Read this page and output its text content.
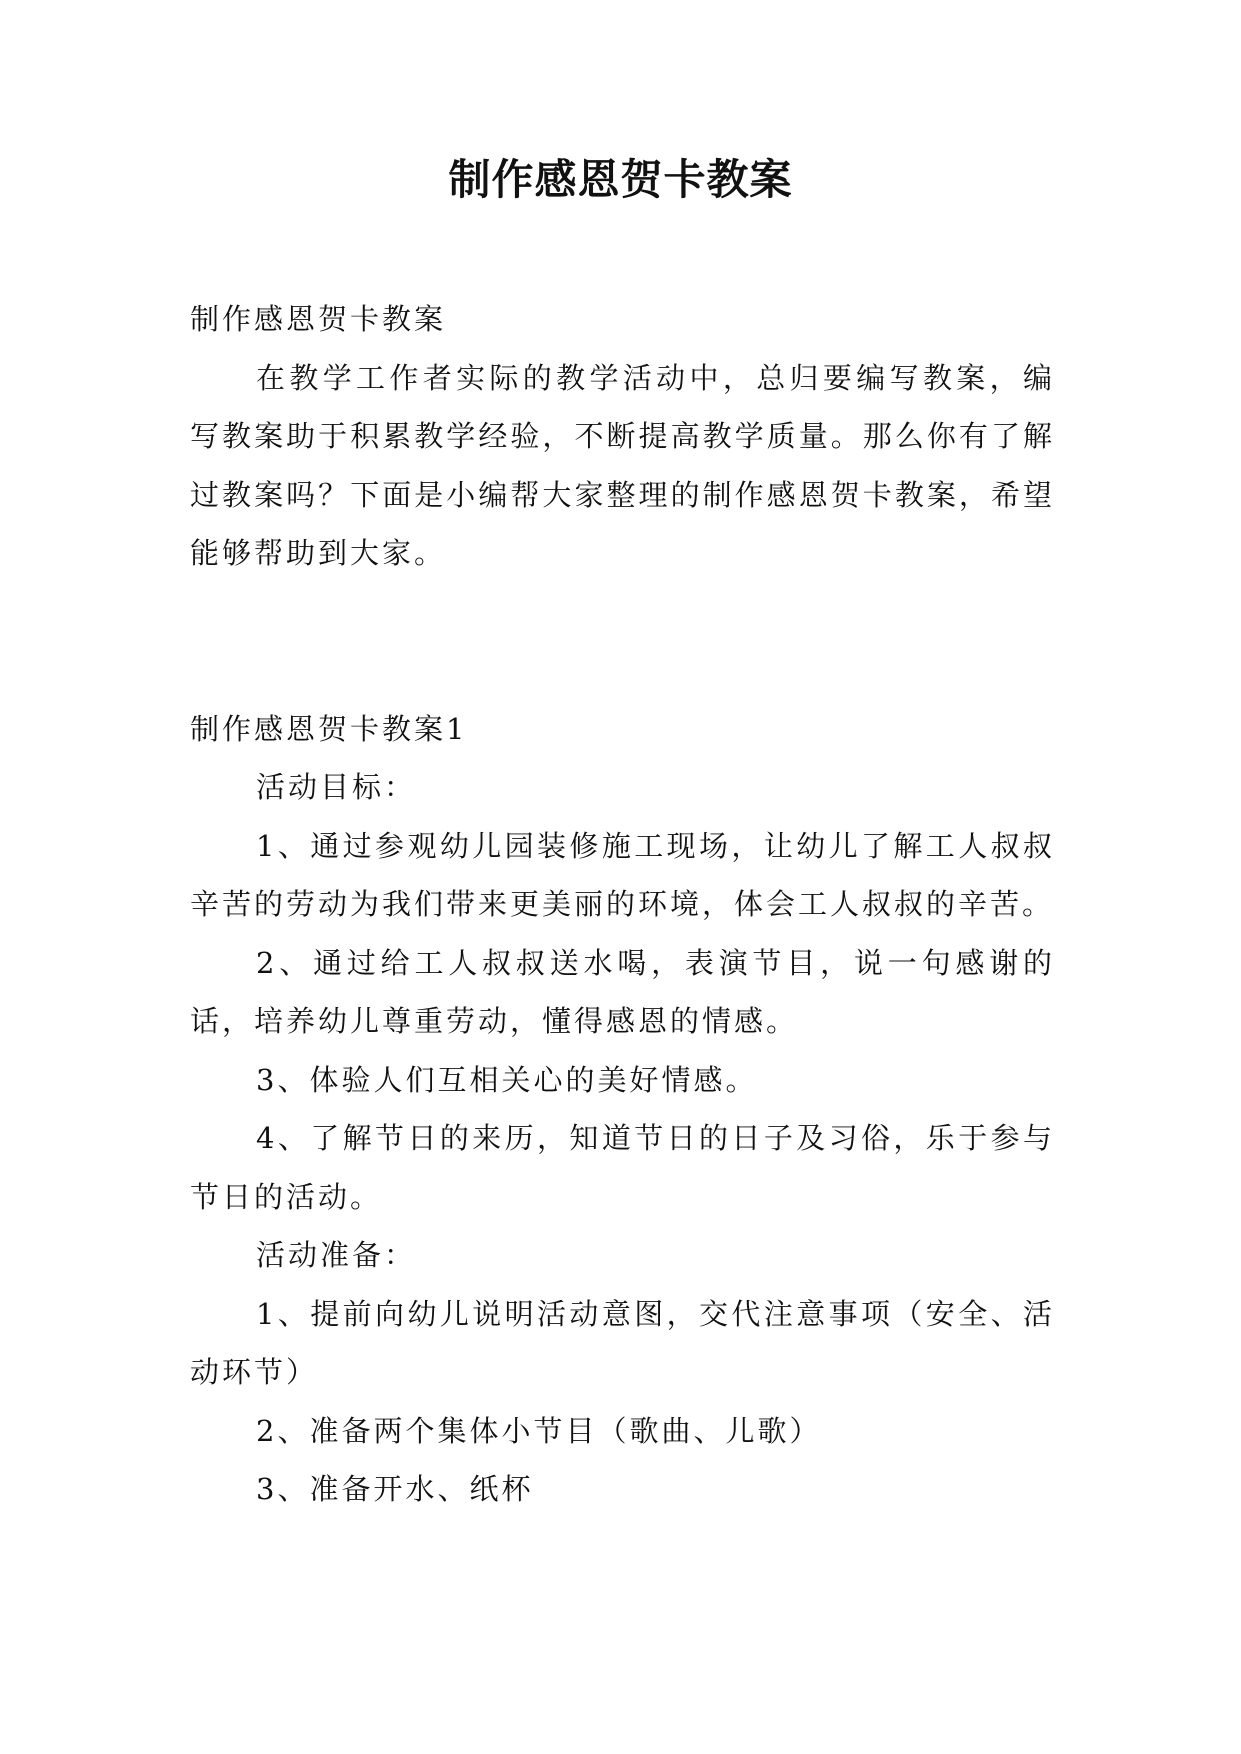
制作感恩贺卡教案

制作感恩贺卡教案

在教学工作者实际的教学活动中，总归要编写教案，编写教案助于积累教学经验，不断提高教学质量。那么你有了解过教案吗？下面是小编帮大家整理的制作感恩贺卡教案，希望能够帮助到大家。

制作感恩贺卡教案1

活动目标：

1、通过参观幼儿园装修施工现场，让幼儿了解工人叔叔辛苦的劳动为我们带来更美丽的环境，体会工人叔叔的辛苦。

2、通过给工人叔叔送水喝，表演节目，说一句感谢的话，培养幼儿尊重劳动，懂得感恩的情感。

3、体验人们互相关心的美好情感。

4、了解节日的来历，知道节日的日子及习俗，乐于参与节日的活动。

活动准备：

1、提前向幼儿说明活动意图，交代注意事项（安全、活动环节）

2、准备两个集体小节目（歌曲、儿歌）

3、准备开水、纸杯
